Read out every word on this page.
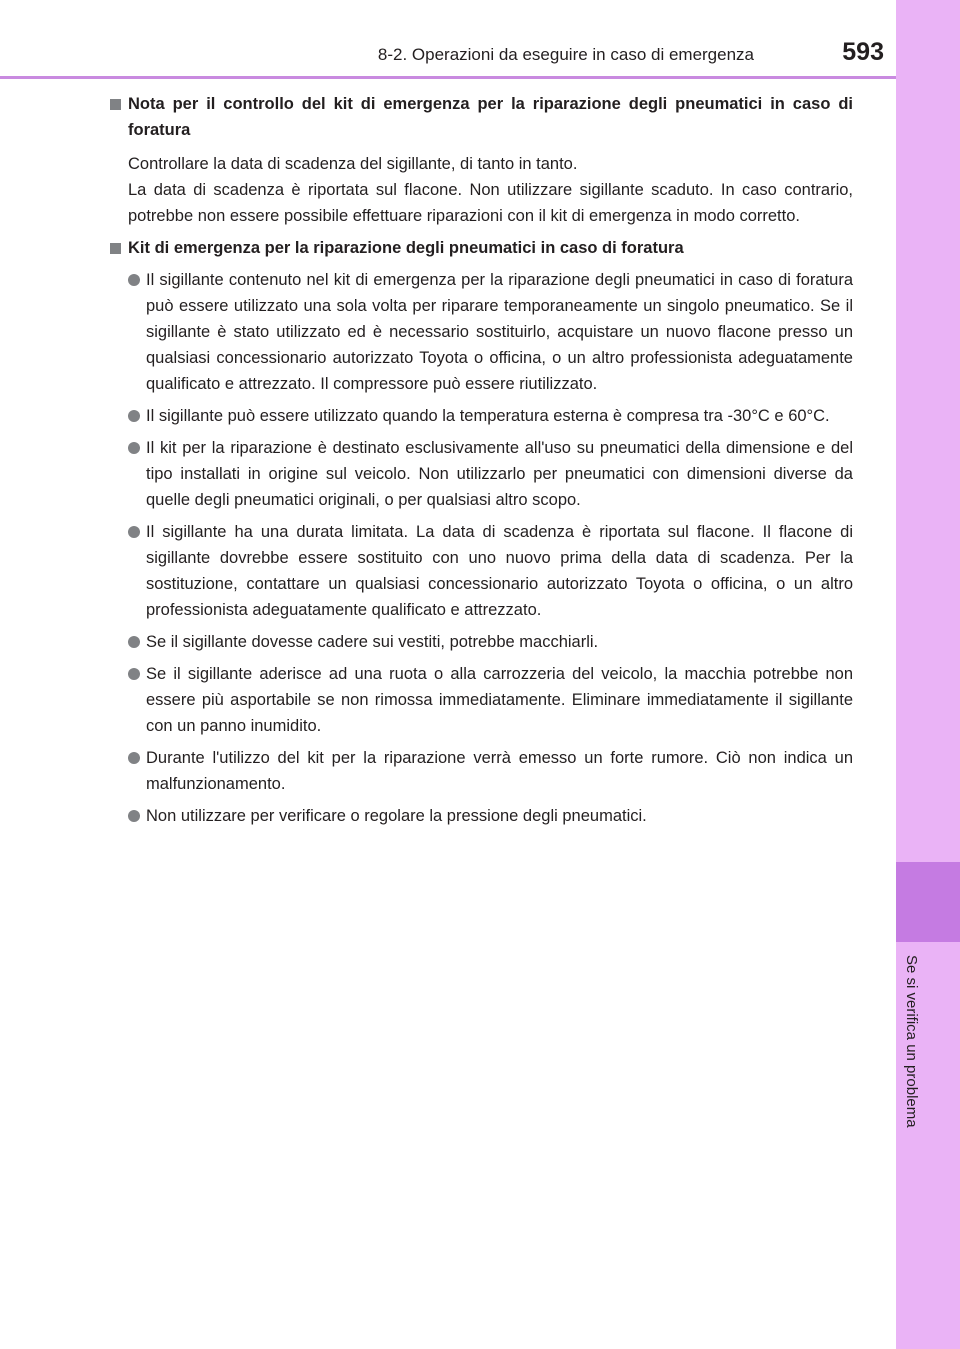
8-2. Operazioni da eseguire in caso di emergenza	593
8
Se si verifica un problema
Nota per il controllo del kit di emergenza per la riparazione degli pneumatici in caso di foratura

Controllare la data di scadenza del sigillante, di tanto in tanto.

La data di scadenza è riportata sul flacone. Non utilizzare sigillante scaduto. In caso contrario, potrebbe non essere possibile effettuare riparazioni con il kit di emergenza in modo corretto.

Kit di emergenza per la riparazione degli pneumatici in caso di foratura
Il sigillante contenuto nel kit di emergenza per la riparazione degli pneumatici in caso di foratura può essere utilizzato una sola volta per riparare temporaneamente un singolo pneumatico. Se il sigillante è stato utilizzato ed è necessario sostituirlo, acquistare un nuovo flacone presso un qualsiasi concessionario autorizzato Toyota o officina, o un altro professionista adeguatamente qualificato e attrezzato. Il compressore può essere riutilizzato.
Il sigillante può essere utilizzato quando la temperatura esterna è compresa tra -30°C e 60°C.
Il kit per la riparazione è destinato esclusivamente all'uso su pneumatici della dimensione e del tipo installati in origine sul veicolo. Non utilizzarlo per pneumatici con dimensioni diverse da quelle degli pneumatici originali, o per qualsiasi altro scopo.
Il sigillante ha una durata limitata. La data di scadenza è riportata sul flacone. Il flacone di sigillante dovrebbe essere sostituito con uno nuovo prima della data di scadenza. Per la sostituzione, contattare un qualsiasi concessionario autorizzato Toyota o officina, o un altro professionista adeguatamente qualificato e attrezzato.
Se il sigillante dovesse cadere sui vestiti, potrebbe macchiarli.
Se il sigillante aderisce ad una ruota o alla carrozzeria del veicolo, la macchia potrebbe non essere più asportabile se non rimossa immediatamente. Eliminare immediatamente il sigillante con un panno inumidito.
Durante l'utilizzo del kit per la riparazione verrà emesso un forte rumore. Ciò non indica un malfunzionamento.
Non utilizzare per verificare o regolare la pressione degli pneumatici.
